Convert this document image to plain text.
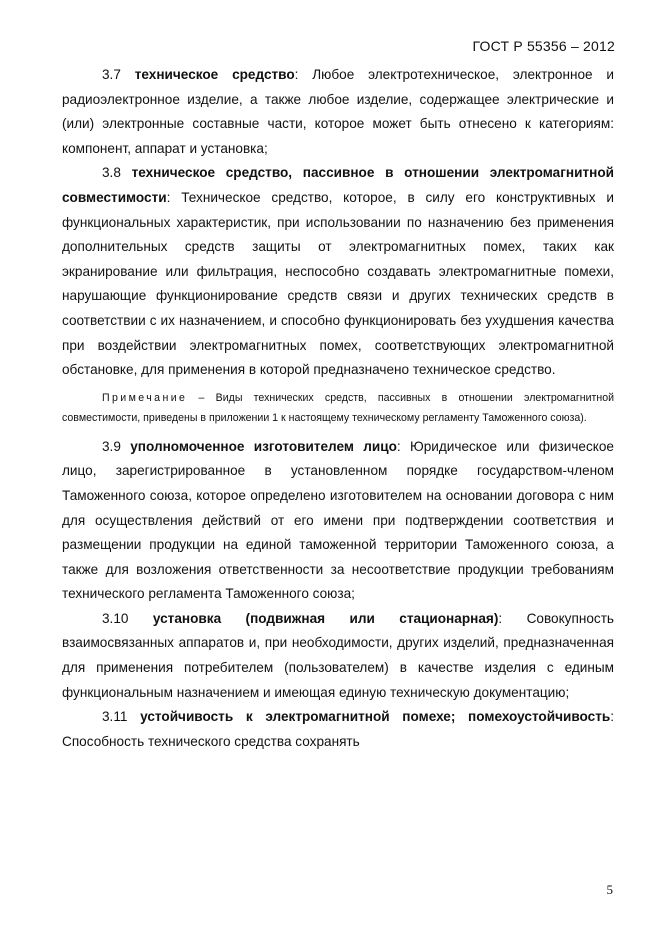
ГОСТ Р 55356 – 2012

3.7 техническое средство: Любое электротехническое, электронное и радиоэлектронное изделие, а также любое изделие, содержащее электрические и (или) электронные составные части, которое может быть отнесено к категориям: компонент, аппарат и установка;

3.8 техническое средство, пассивное в отношении электромагнитной совместимости: Техническое средство, которое, в силу его конструктивных и функциональных характеристик, при использовании по назначению без применения дополнительных средств защиты от электромагнитных помех, таких как экранирование или фильтрация, неспособно создавать электромагнитные помехи, нарушающие функционирование средств связи и других технических средств в соответствии с их назначением, и способно функционировать без ухудшения качества при воздействии электромагнитных помех, соответствующих электромагнитной обстановке, для применения в которой предназначено техническое средство.

Примечание – Виды технических средств, пассивных в отношении электромагнитной совместимости, приведены в приложении 1 к настоящему техническому регламенту Таможенного союза).

3.9 уполномоченное изготовителем лицо: Юридическое или физическое лицо, зарегистрированное в установленном порядке государством-членом Таможенного союза, которое определено изготовителем на основании договора с ним для осуществления действий от его имени при подтверждении соответствия и размещении продукции на единой таможенной территории Таможенного союза, а также для возложения ответственности за несоответствие продукции требованиям технического регламента Таможенного союза;

3.10 установка (подвижная или стационарная): Совокупность взаимосвязанных аппаратов и, при необходимости, других изделий, предназначенная для применения потребителем (пользователем) в качестве изделия с единым функциональным назначением и имеющая единую техническую документацию;

3.11 устойчивость к электромагнитной помехе; помехоустойчивость: Способность технического средства сохранять

5
